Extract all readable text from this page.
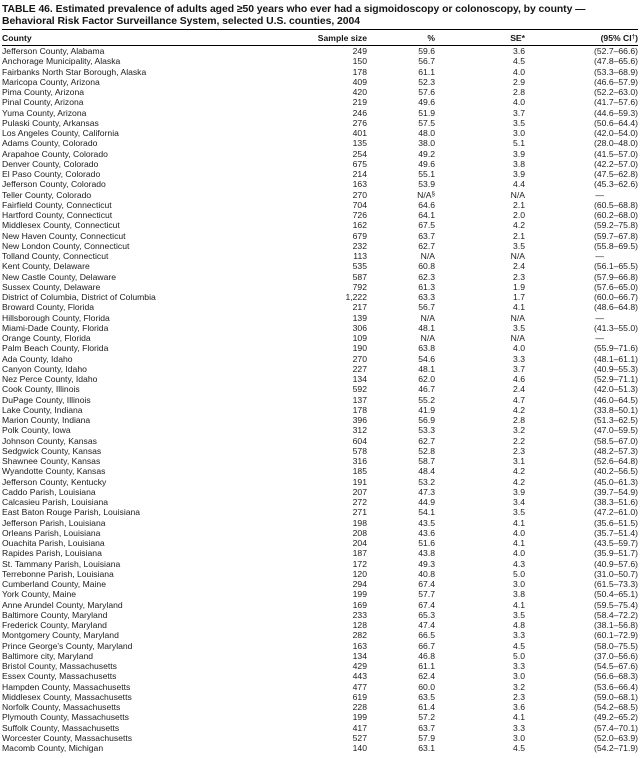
TABLE 46. Estimated prevalence of adults aged ≥50 years who ever had a sigmoidoscopy or colonoscopy, by county — Behavioral Risk Factor Surveillance System, selected U.S. counties, 2004
County	Sample size	%	SE*	(95% CI†)
Jefferson County, Alabama	249	59.6	3.6	(52.7–66.6)
Anchorage Municipality, Alaska	150	56.7	4.5	(47.8–65.6)
Fairbanks North Star Borough, Alaska	178	61.1	4.0	(53.3–68.9)
Maricopa County, Arizona	409	52.3	2.9	(46.6–57.9)
Pima County, Arizona	420	57.6	2.8	(52.2–63.0)
Pinal County, Arizona	219	49.6	4.0	(41.7–57.6)
Yuma County, Arizona	246	51.9	3.7	(44.6–59.3)
Pulaski County, Arkansas	276	57.5	3.5	(50.6–64.4)
Los Angeles County, California	401	48.0	3.0	(42.0–54.0)
Adams County, Colorado	135	38.0	5.1	(28.0–48.0)
Arapahoe County, Colorado	254	49.2	3.9	(41.5–57.0)
Denver County, Colorado	675	49.6	3.8	(42.2–57.0)
El Paso County, Colorado	214	55.1	3.9	(47.5–62.8)
Jefferson County, Colorado	163	53.9	4.4	(45.3–62.6)
Teller County, Colorado	270	N/A§	N/A	—
Fairfield County, Connecticut	704	64.6	2.1	(60.5–68.8)
Hartford County, Connecticut	726	64.1	2.0	(60.2–68.0)
Middlesex County, Connecticut	162	67.5	4.2	(59.2–75.8)
New Haven County, Connecticut	679	63.7	2.1	(59.7–67.8)
New London County, Connecticut	232	62.7	3.5	(55.8–69.5)
Tolland County, Connecticut	113	N/A	N/A	—
Kent County, Delaware	535	60.8	2.4	(56.1–65.5)
New Castle County, Delaware	587	62.3	2.3	(57.9–66.8)
Sussex County, Delaware	792	61.3	1.9	(57.6–65.0)
District of Columbia, District of Columbia	1,222	63.3	1.7	(60.0–66.7)
Broward County, Florida	217	56.7	4.1	(48.6–64.8)
Hillsborough County, Florida	139	N/A	N/A	—
Miami-Dade County, Florida	306	48.1	3.5	(41.3–55.0)
Orange County, Florida	109	N/A	N/A	—
Palm Beach County, Florida	190	63.8	4.0	(55.9–71.6)
Ada County, Idaho	270	54.6	3.3	(48.1–61.1)
Canyon County, Idaho	227	48.1	3.7	(40.9–55.3)
Nez Perce County, Idaho	134	62.0	4.6	(52.9–71.1)
Cook County, Illinois	592	46.7	2.4	(42.0–51.3)
DuPage County, Illinois	137	55.2	4.7	(46.0–64.5)
Lake County, Indiana	178	41.9	4.2	(33.8–50.1)
Marion County, Indiana	396	56.9	2.8	(51.3–62.5)
Polk County, Iowa	312	53.3	3.2	(47.0–59.5)
Johnson County, Kansas	604	62.7	2.2	(58.5–67.0)
Sedgwick County, Kansas	578	52.8	2.3	(48.2–57.3)
Shawnee County, Kansas	316	58.7	3.1	(52.6–64.8)
Wyandotte County, Kansas	185	48.4	4.2	(40.2–56.5)
Jefferson County, Kentucky	191	53.2	4.2	(45.0–61.3)
Caddo Parish, Louisiana	207	47.3	3.9	(39.7–54.9)
Calcasieu Parish, Louisiana	272	44.9	3.4	(38.3–51.6)
East Baton Rouge Parish, Louisiana	271	54.1	3.5	(47.2–61.0)
Jefferson Parish, Louisiana	198	43.5	4.1	(35.6–51.5)
Orleans Parish, Louisiana	208	43.6	4.0	(35.7–51.4)
Ouachita Parish, Louisiana	204	51.6	4.1	(43.5–59.7)
Rapides Parish, Louisiana	187	43.8	4.0	(35.9–51.7)
St. Tammany Parish, Louisiana	172	49.3	4.3	(40.9–57.6)
Terrebonne Parish, Louisiana	120	40.8	5.0	(31.0–50.7)
Cumberland County, Maine	294	67.4	3.0	(61.5–73.3)
York County, Maine	199	57.7	3.8	(50.4–65.1)
Anne Arundel County, Maryland	169	67.4	4.1	(59.5–75.4)
Baltimore County, Maryland	233	65.3	3.5	(58.4–72.2)
Frederick County, Maryland	128	47.4	4.8	(38.1–56.8)
Montgomery County, Maryland	282	66.5	3.3	(60.1–72.9)
Prince George's County, Maryland	163	66.7	4.5	(58.0–75.5)
Baltimore city, Maryland	134	46.8	5.0	(37.0–56.6)
Bristol County, Massachusetts	429	61.1	3.3	(54.5–67.6)
Essex County, Massachusetts	443	62.4	3.0	(56.6–68.3)
Hampden County, Massachusetts	477	60.0	3.2	(53.6–66.4)
Middlesex County, Massachusetts	619	63.5	2.3	(59.0–68.1)
Norfolk County, Massachusetts	228	61.4	3.6	(54.2–68.5)
Plymouth County, Massachusetts	199	57.2	4.1	(49.2–65.2)
Suffolk County, Massachusetts	417	63.7	3.3	(57.4–70.1)
Worcester County, Massachusetts	527	57.9	3.0	(52.0–63.9)
Macomb County, Michigan	140	63.1	4.5	(54.2–71.9)
